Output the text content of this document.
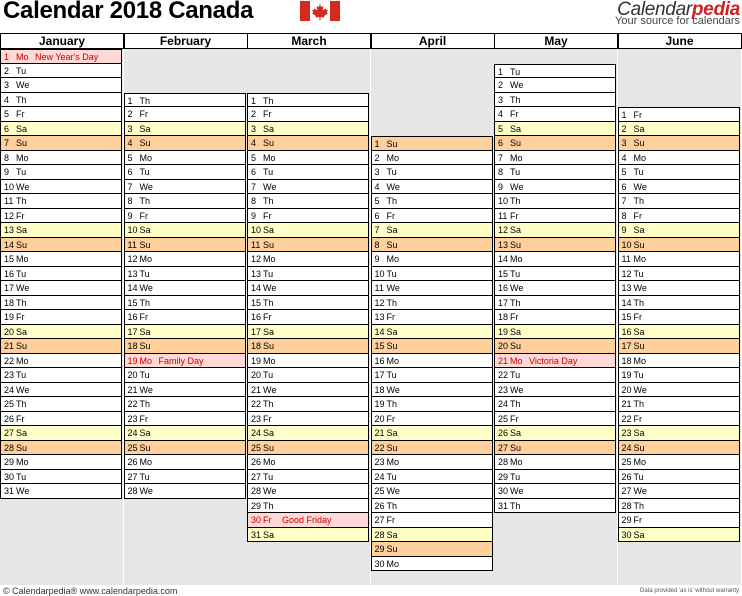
Calendar 2018 Canada	Calendarpedia
Your source for calendars
January
1 Mo New Year's Day
2 Tu
3 We
4 Th
5 Fr
6 Sa
7 Su
8 Mo
9 Tu
10 We
11 Th
12 Fr
13 Sa
14 Su
15 Mo
16 Tu
17 We
18 Th
19 Fr
20 Sa
21 Su
22 Mo
23 Tu
24 We
25 Th
26 Fr
27 Sa
28 Su
29 Mo
30 Tu
31 We
February
1 Th
2 Fr
3 Sa
4 Su
5 Mo
6 Tu
7 We
8 Th
9 Fr
10 Sa
11 Su
12 Mo
13 Tu
14 We
15 Th
16 Fr
17 Sa
18 Su
19 Mo Family Day
20 Tu
21 We
22 Th
23 Fr
24 Sa
25 Su
26 Mo
27 Tu
28 We
March
1 Th
2 Fr
3 Sa
4 Su
5 Mo
6 Tu
7 We
8 Th
9 Fr
10 Sa
11 Su
12 Mo
13 Tu
14 We
15 Th
16 Fr
17 Sa
18 Su
19 Mo
20 Tu
21 We
22 Th
23 Fr
24 Sa
25 Su
26 Mo
27 Tu
28 We
29 Th
30 Fr Good Friday
31 Sa
April
1 Su
2 Mo
3 Tu
4 We
5 Th
6 Fr
7 Sa
8 Su
9 Mo
10 Tu
11 We
12 Th
13 Fr
14 Sa
15 Su
16 Mo
17 Tu
18 We
19 Th
20 Fr
21 Sa
22 Su
23 Mo
24 Tu
25 We
26 Th
27 Fr
28 Sa
29 Su
30 Mo
May
1 Tu
2 We
3 Th
4 Fr
5 Sa
6 Su
7 Mo
8 Tu
9 We
10 Th
11 Fr
12 Sa
13 Su
14 Mo
15 Tu
16 We
17 Th
18 Fr
19 Sa
20 Su
21 Mo Victoria Day
22 Tu
23 We
24 Th
25 Fr
26 Sa
27 Su
28 Mo
29 Tu
30 We
31 Th
June
1 Fr
2 Sa
3 Su
4 Mo
5 Tu
6 We
7 Th
8 Fr
9 Sa
10 Su
11 Mo
12 Tu
13 We
14 Th
15 Fr
16 Sa
17 Su
18 Mo
19 Tu
20 We
21 Th
22 Fr
23 Sa
24 Su
25 Mo
26 Tu
27 We
28 Th
29 Fr
30 Sa
© Calendarpedia® www.calendarpedia.com	Data provided 'as is' without warranty
